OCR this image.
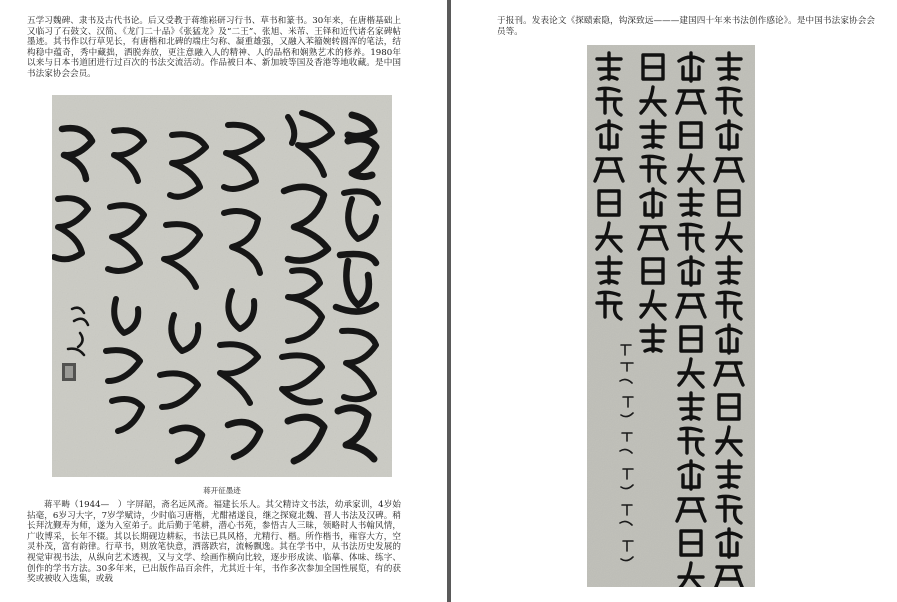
五学习魏碑、隶书及古代书论。后又受教于蒋维崧研习行书、草书和篆书。30年来，在唐楷基础上又临习了石鼓文、汉简、《龙门二十品》《张猛龙》及“二王”、张旭、米芾、王铎和近代诸名家碑帖墨迹。其书作以行草见长，有唐楷和北碑的端庄匀称、凝重雄强，又融入苯籀婉转圆浑的笔法，结构稳中蕴奇，秀中藏拙，洒脱奔放，更注意融入人的精神、人的品格和娴熟艺术的修养。1980年以来与日本书道团进行过百次的书法交流活动。作品被日本、新加坡等国及香港等地收藏。是中国书法家协会会员。

蒋开征墨迹

蒋平畴（1944—　）字屏韶，斋名远风斋。福建长乐人。其父精诗文书法，幼承家训，4岁始拈毫，6岁习大字，7岁学赋诗，少时临习唐楷，尤酣褚遂良，继之探窥北魏、晋人书法及汉碑。稍长拜沈觐寿为师，遂为入室弟子。此后勤于笔耕，潜心书苑，参悟古人三昧，领略时人书翰风情，广收博采，长年不辍。其以长期砚边耕耘，书法已具风格，尤精行、楷。所作楷书，雍容大方，空灵朴茂，富有韵律。行草书，则放笔快意，洒落跌宕，流畅飘逸。其在学书中，从书法历史发展的视觉审视书法，从纵向艺术透视，又与文学、绘画作横向比较，逐步形成读、临摹、体味、练字、创作的学书方法。30多年来，已出版作品百余件，尤其近十年，书作多次参加全国性展览，有的获奖或被收入选集，或载

于报刊。发表论文《探赜索隐，钩深致远———建国四十年来书法创作感论》。是中国书法家协会会员等。
